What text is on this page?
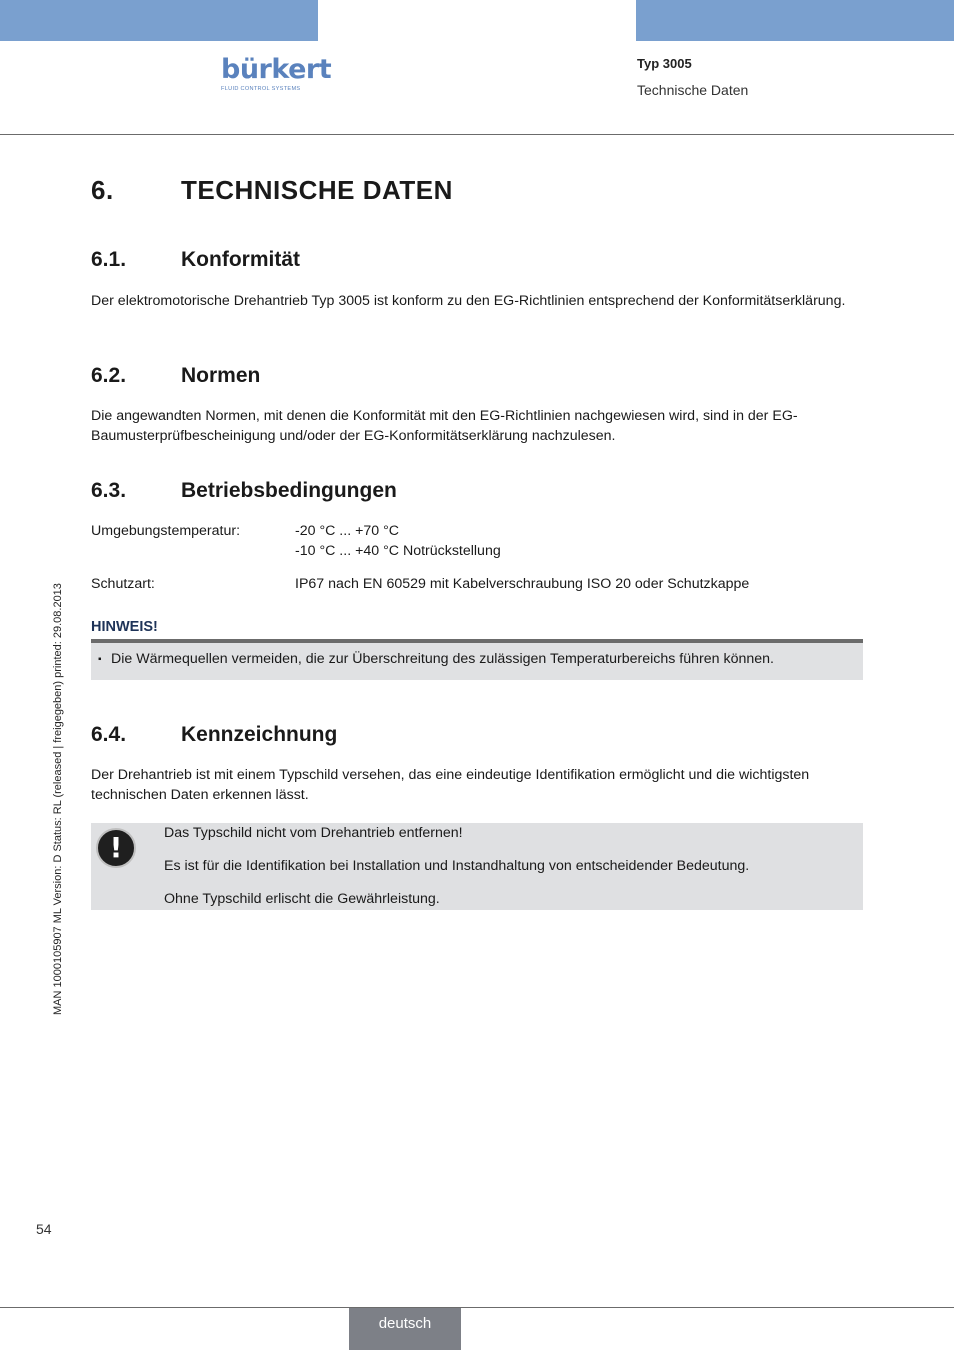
bürkert
FLUID CONTROL SYSTEMS
Typ 3005
Technische Daten
MAN 1000105907 ML Version: D Status: RL (released | freigegeben) printed: 29.08.2013
6.	TECHNISCHE DATEN
6.1.	Konformität
Der elektromotorische Drehantrieb Typ 3005 ist konform zu den EG-Richtlinien entsprechend der Konformitätserklärung.
6.2.	Normen
Die angewandten Normen, mit denen die Konformität mit den EG-Richtlinien nachgewiesen wird, sind in der EG-Baumusterprüfbescheinigung und/oder der EG-Konformitätserklärung nachzulesen.
6.3.	Betriebsbedingungen
Umgebungstemperatur:	-20 °C ... +70 °C
-10 °C ... +40 °C Notrückstellung
Schutzart:	IP67 nach EN 60529 mit Kabelverschraubung ISO 20 oder Schutzkappe
HINWEIS!
▪ Die Wärmequellen vermeiden, die zur Überschreitung des zulässigen Temperaturbereichs führen können.
6.4.	Kennzeichnung
Der Drehantrieb ist mit einem Typschild versehen, das eine eindeutige Identifikation ermöglicht und die wichtigsten technischen Daten erkennen lässt.
!	Das Typschild nicht vom Drehantrieb entfernen!
Es ist für die Identifikation bei Installation und Instandhaltung von entscheidender Bedeutung.
Ohne Typschild erlischt die Gewährleistung.
54
deutsch
